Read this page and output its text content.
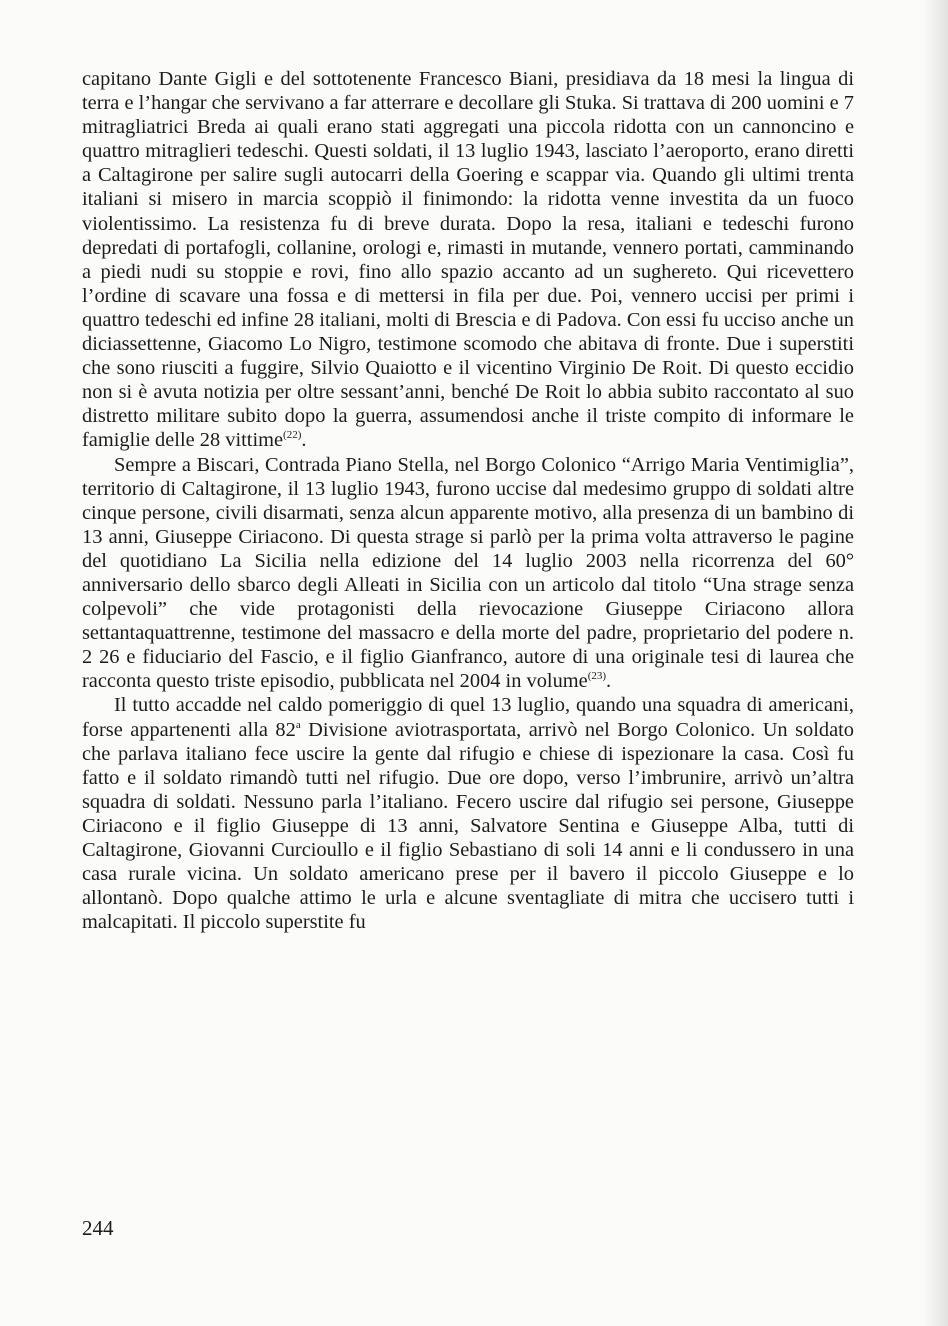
capitano Dante Gigli e del sottotenente Francesco Biani, presidiava da 18 mesi la lingua di terra e l’hangar che servivano a far atterrare e decollare gli Stuka. Si trattava di 200 uomini e 7 mitragliatrici Breda ai quali erano stati aggregati una piccola ridotta con un cannoncino e quattro mitraglieri tedeschi. Questi soldati, il 13 luglio 1943, lasciato l’aeroporto, erano diretti a Caltagirone per salire sugli autocarri della Goering e scappar via. Quando gli ultimi trenta italiani si misero in marcia scoppiò il finimondo: la ridotta venne investita da un fuoco violentissimo. La resistenza fu di breve durata. Dopo la resa, italiani e tedeschi furono depredati di portafogli, collanine, orologi e, rimasti in mutande, vennero portati, camminando a piedi nudi su stoppie e rovi, fino allo spazio accanto ad un sughereto. Qui ricevettero l’ordine di scavare una fossa e di mettersi in fila per due. Poi, vennero uccisi per primi i quattro tedeschi ed infine 28 italiani, molti di Brescia e di Padova. Con essi fu ucciso anche un diciassettenne, Giacomo Lo Nigro, testimone scomodo che abitava di fronte. Due i superstiti che sono riusciti a fuggire, Silvio Quaiotto e il vicentino Virginio De Roit. Di questo eccidio non si è avuta notizia per oltre sessant’anni, benché De Roit lo abbia subito raccontato al suo distretto militare subito dopo la guerra, assumendosi anche il triste compito di informare le famiglie delle 28 vittime$^{(22)}$.

Sempre a Biscari, Contrada Piano Stella, nel Borgo Colonico “Arrigo Maria Ventimiglia”, territorio di Caltagirone, il 13 luglio 1943, furono uccise dal medesimo gruppo di soldati altre cinque persone, civili disarmati, senza alcun apparente motivo, alla presenza di un bambino di 13 anni, Giuseppe Ciriacono. Di questa strage si parlò per la prima volta attraverso le pagine del quotidiano La Sicilia nella edizione del 14 luglio 2003 nella ricorrenza del 60° anniversario dello sbarco degli Alleati in Sicilia con un articolo dal titolo “Una strage senza colpevoli” che vide protagonisti della rievocazione Giuseppe Ciriacono allora settantaquattrenne, testimone del massacro e della morte del padre, proprietario del podere n. 2 26 e fiduciario del Fascio, e il figlio Gianfranco, autore di una originale tesi di laurea che racconta questo triste episodio, pubblicata nel 2004 in volume$^{(23)}$.

Il tutto accadde nel caldo pomeriggio di quel 13 luglio, quando una squadra di americani, forse appartenenti alla 82$^a$ Divisione aviotrasportata, arrivò nel Borgo Colonico. Un soldato che parlava italiano fece uscire la gente dal rifugio e chiese di ispezionare la casa. Così fu fatto e il soldato rimandò tutti nel rifugio. Due ore dopo, verso l’imbrunire, arrivò un’altra squadra di soldati. Nessuno parla l’italiano. Fecero uscire dal rifugio sei persone, Giuseppe Ciriacono e il figlio Giuseppe di 13 anni, Salvatore Sentina e Giuseppe Alba, tutti di Caltagirone, Giovanni Curcioullo e il figlio Sebastiano di soli 14 anni e li condussero in una casa rurale vicina. Un soldato americano prese per il bavero il piccolo Giuseppe e lo allontanò. Dopo qualche attimo le urla e alcune sventagliate di mitra che uccisero tutti i malcapitati. Il piccolo superstite fu

244
